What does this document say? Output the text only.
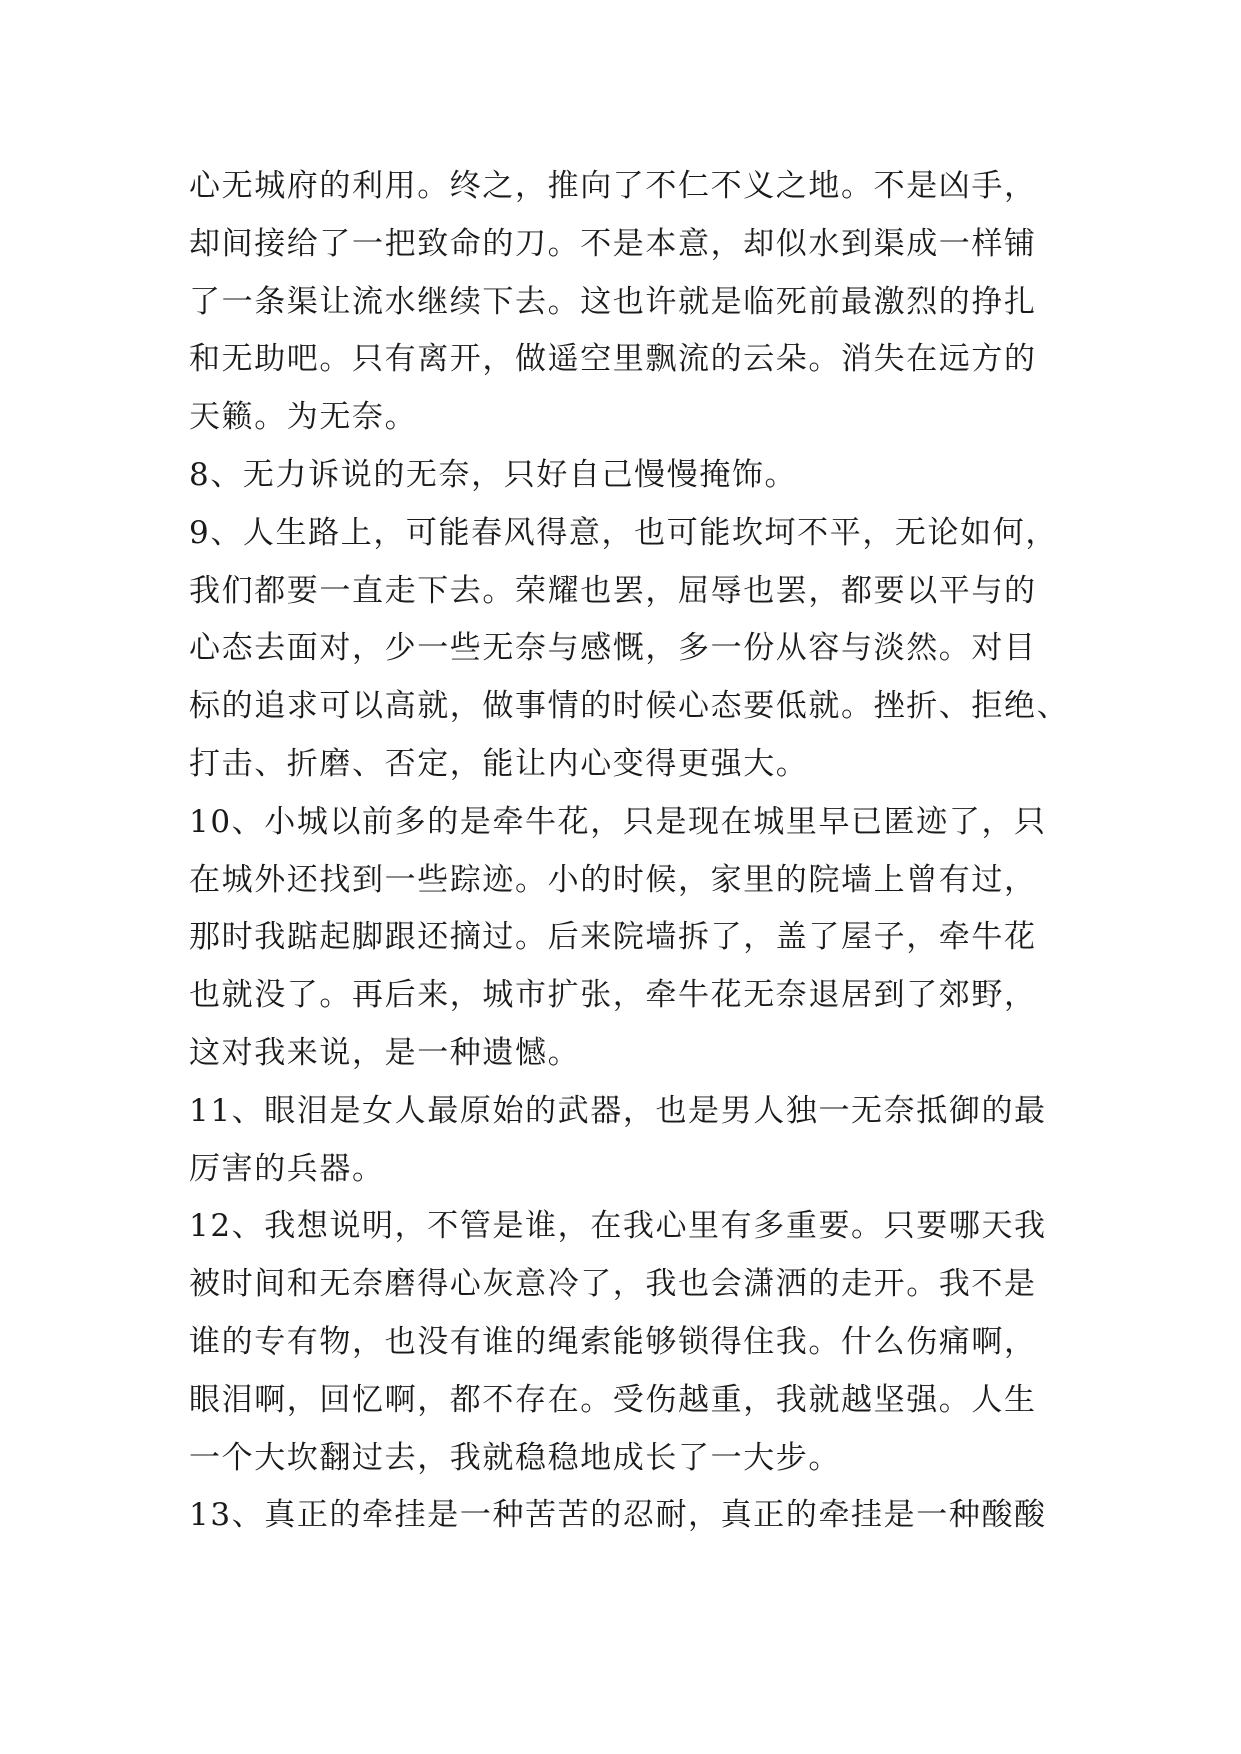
心无城府的利用。终之，推向了不仁不义之地。不是凶手，
却间接给了一把致命的刀。不是本意，却似水到渠成一样铺
了一条渠让流水继续下去。这也许就是临死前最激烈的挣扎
和无助吧。只有离开，做遥空里飘流的云朵。消失在远方的
天籁。为无奈。

8、无力诉说的无奈，只好自己慢慢掩饰。

9、人生路上，可能春风得意，也可能坎坷不平，无论如何，
我们都要一直走下去。荣耀也罢，屈辱也罢，都要以平与的
心态去面对，少一些无奈与感慨，多一份从容与淡然。对目
标的追求可以高就，做事情的时候心态要低就。挫折、拒绝、
打击、折磨、否定，能让内心变得更强大。

10、小城以前多的是牵牛花，只是现在城里早已匿迹了，只
在城外还找到一些踪迹。小的时候，家里的院墙上曾有过，
那时我踮起脚跟还摘过。后来院墙拆了，盖了屋子，牵牛花
也就没了。再后来，城市扩张，牵牛花无奈退居到了郊野，
这对我来说，是一种遗憾。

11、眼泪是女人最原始的武器，也是男人独一无奈抵御的最
厉害的兵器。

12、我想说明，不管是谁，在我心里有多重要。只要哪天我
被时间和无奈磨得心灰意冷了，我也会潇洒的走开。我不是
谁的专有物，也没有谁的绳索能够锁得住我。什么伤痛啊，
眼泪啊，回忆啊，都不存在。受伤越重，我就越坚强。人生
一个大坎翻过去，我就稳稳地成长了一大步。

13、真正的牵挂是一种苦苦的忍耐，真正的牵挂是一种酸酸
